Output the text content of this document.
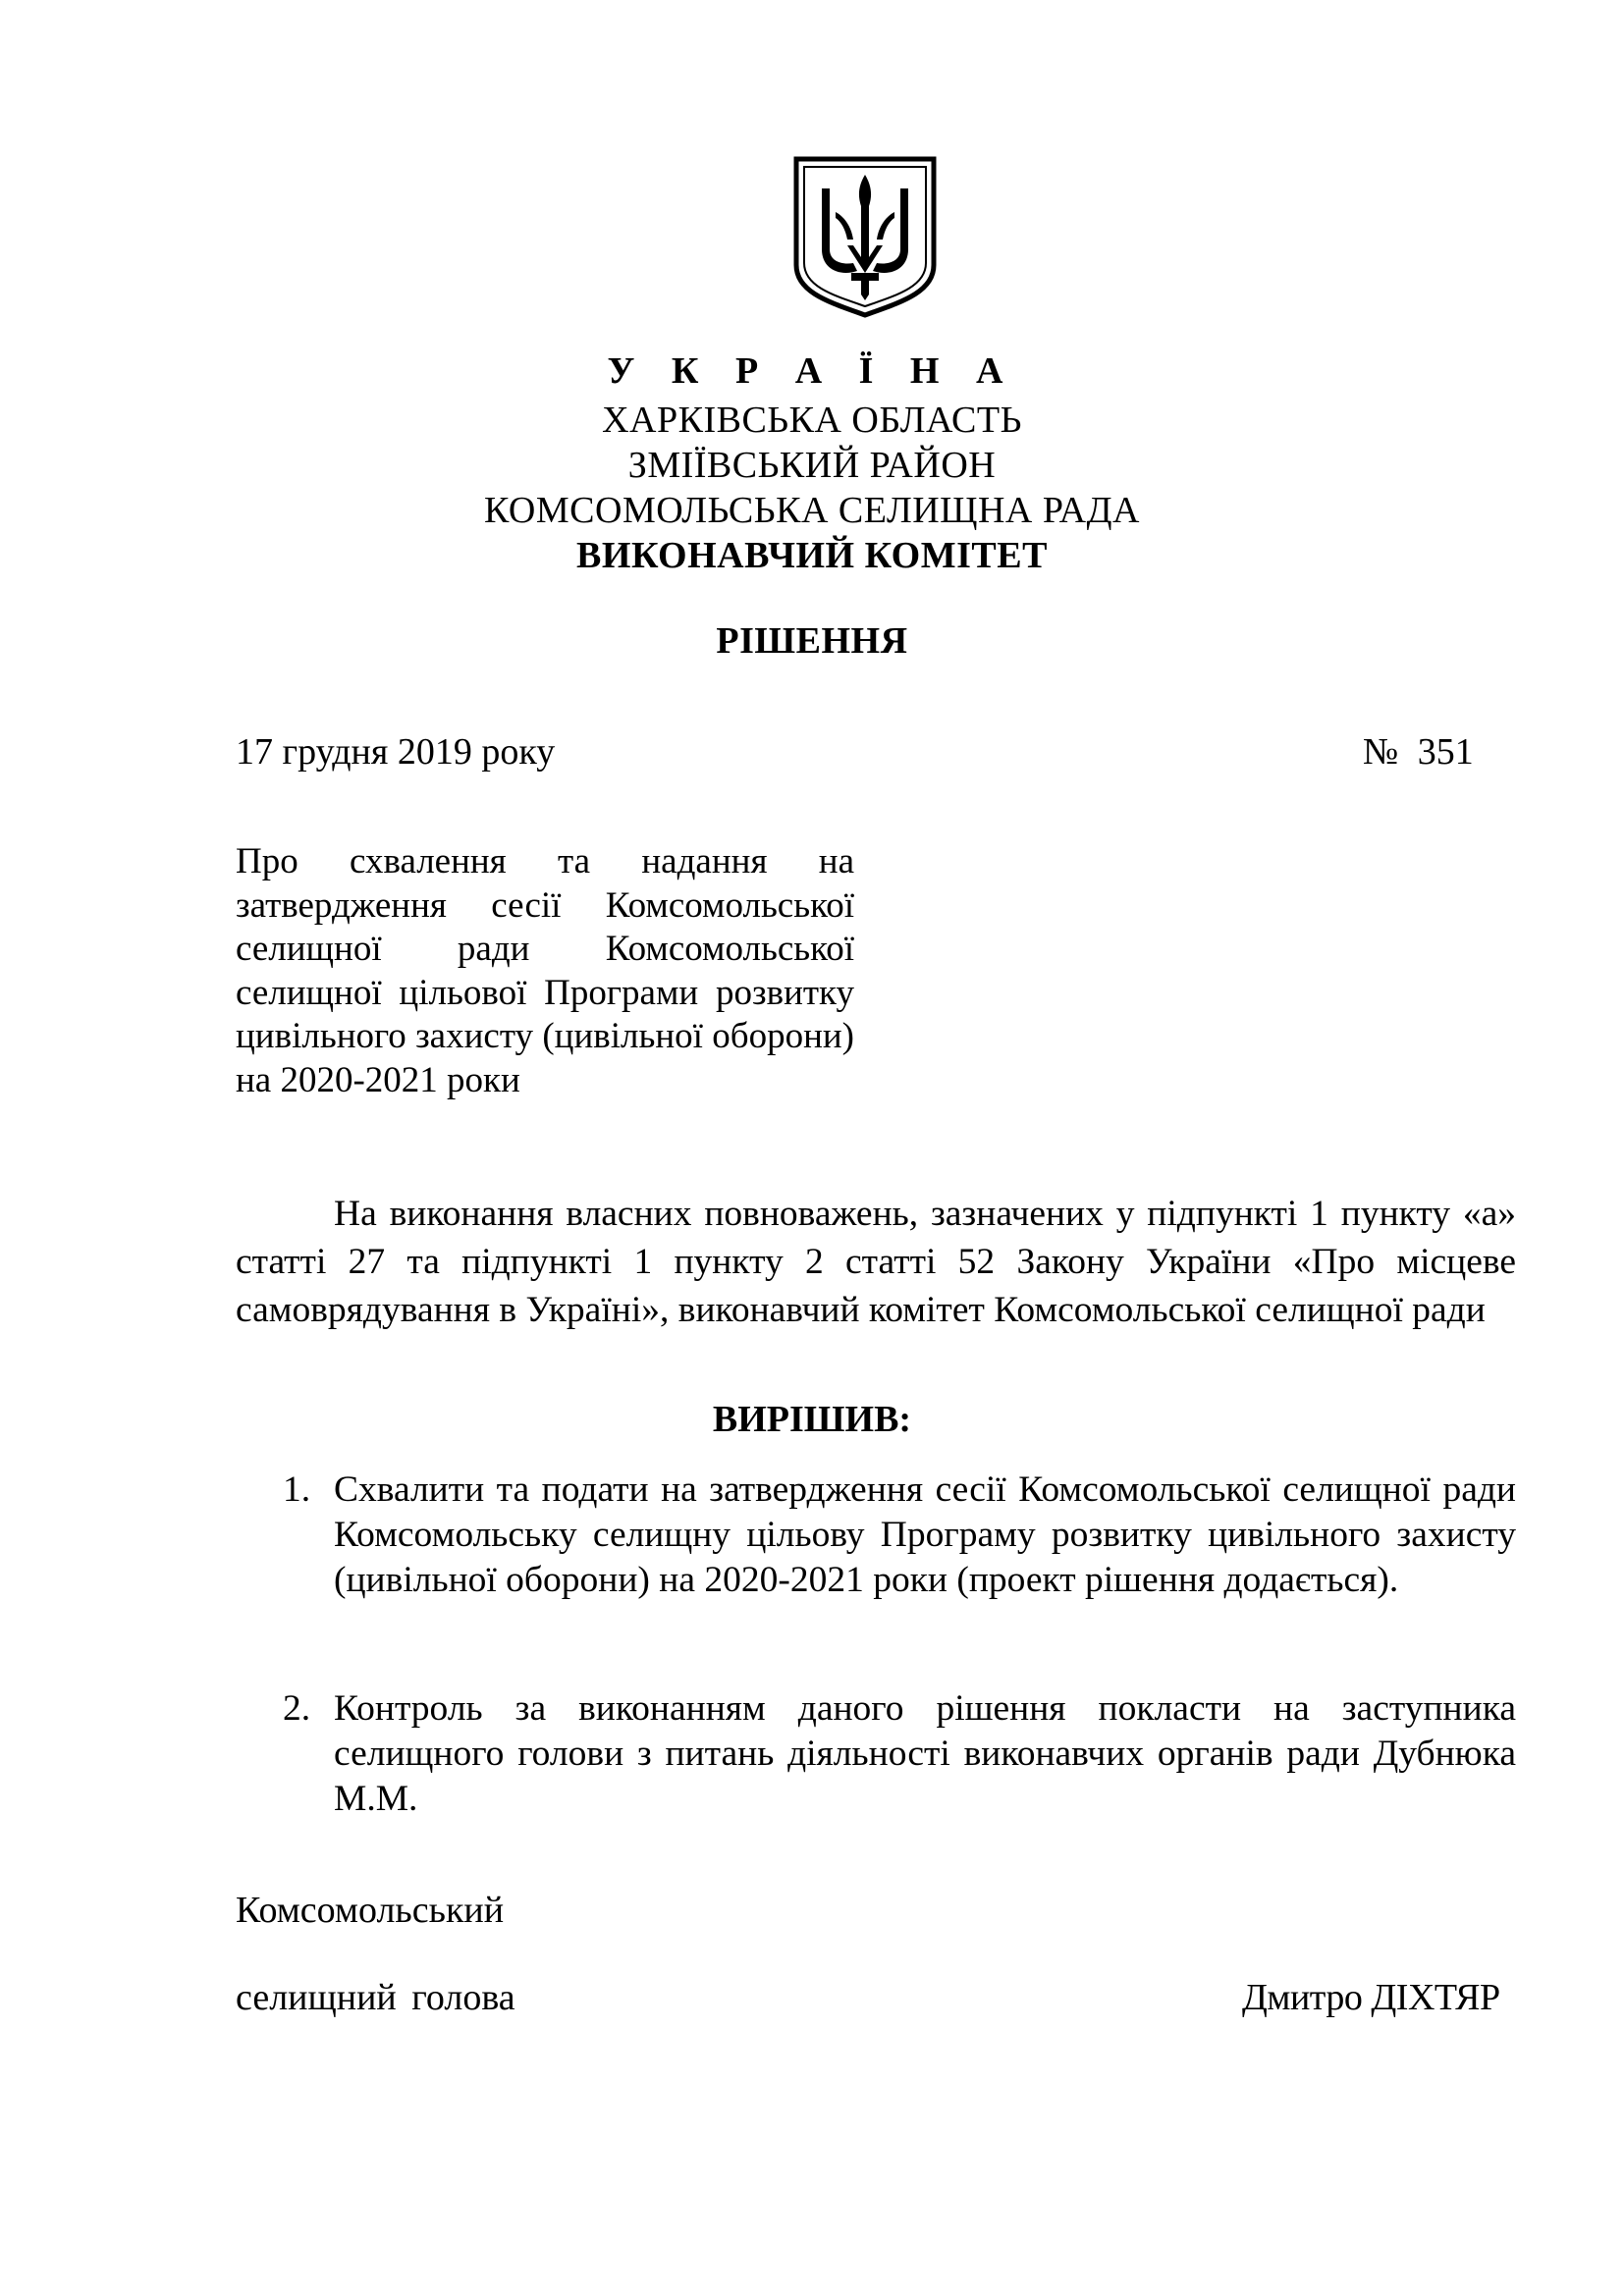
У К Р А Ї Н А
ХАРКІВСЬКА ОБЛАСТЬ
ЗМІЇВСЬКИЙ РАЙОН
КОМСОМОЛЬСЬКА СЕЛИЩНА РАДА
ВИКОНАВЧИЙ КОМІТЕТ
РІШЕННЯ
17 грудня 2019 року	№ 351
Про схвалення та надання на затвердження сесії Комсомольської селищної ради Комсомольської селищної цільової Програми розвитку цивільного захисту (цивільної оборони) на 2020-2021 роки
На виконання власних повноважень, зазначених у підпункті 1 пункту «а» статті 27 та підпункті 1 пункту 2 статті 52 Закону України «Про місцеве самоврядування в Україні», виконавчий комітет Комсомольської селищної ради
ВИРІШИВ:
1. Схвалити та подати на затвердження сесії Комсомольської селищної ради Комсомольську селищну цільову Програму розвитку цивільного захисту (цивільної оборони) на 2020-2021 роки (проект рішення додається).
2. Контроль за виконанням даного рішення покласти на заступника селищного голови з питань діяльності виконавчих органів ради Дубнюка М.М.
Комсомольський
селищний голова	Дмитро ДІХТЯР
